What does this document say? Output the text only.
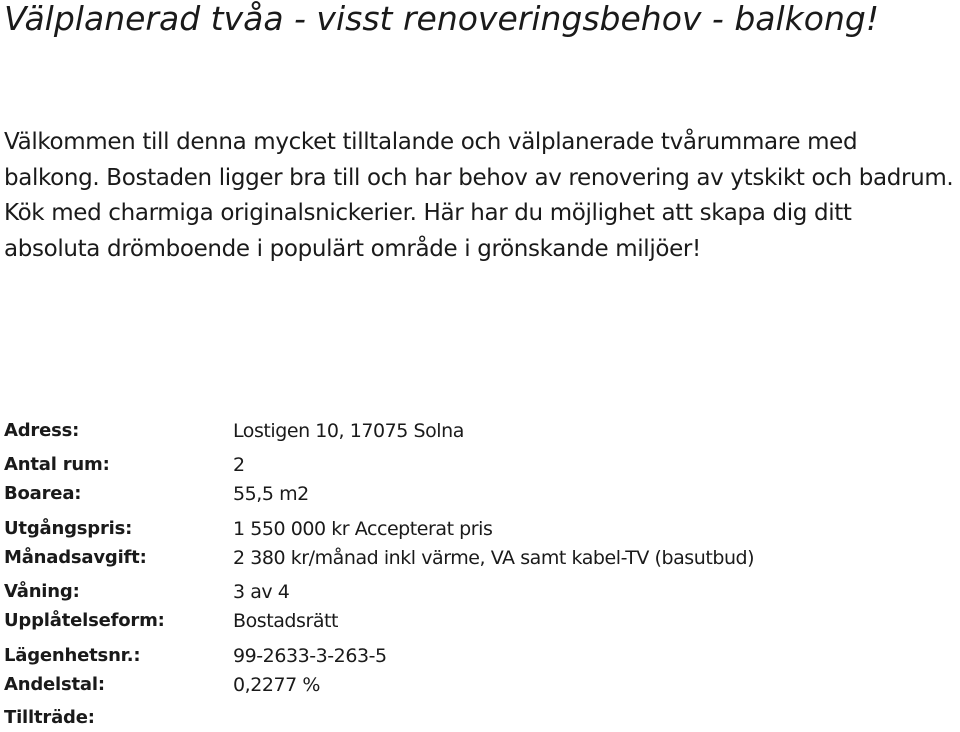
Välplanerad tvåa - visst renoveringsbehov - balkong!

Välkommen till denna mycket tilltalande och välplanerade tvårummare med balkong. Bostaden ligger bra till och har behov av renovering av ytskikt och badrum. Kök med charmiga originalsnickerier. Här har du möjlighet att skapa dig ditt absoluta drömboende i populärt område i grönskande miljöer!

Adress:	Lostigen 10, 17075 Solna
Antal rum:	2
Boarea:	55,5 m2
Utgångspris:	1 550 000 kr Accepterat pris
Månadsavgift:	2 380 kr/månad inkl värme, VA samt kabel-TV (basutbud)
Våning:	3 av 4
Upplåtelseform:	Bostadsrätt
Lägenhetsnr.:	99-2633-3-263-5
Andelstal:	0,2277 %
Tillträde:
